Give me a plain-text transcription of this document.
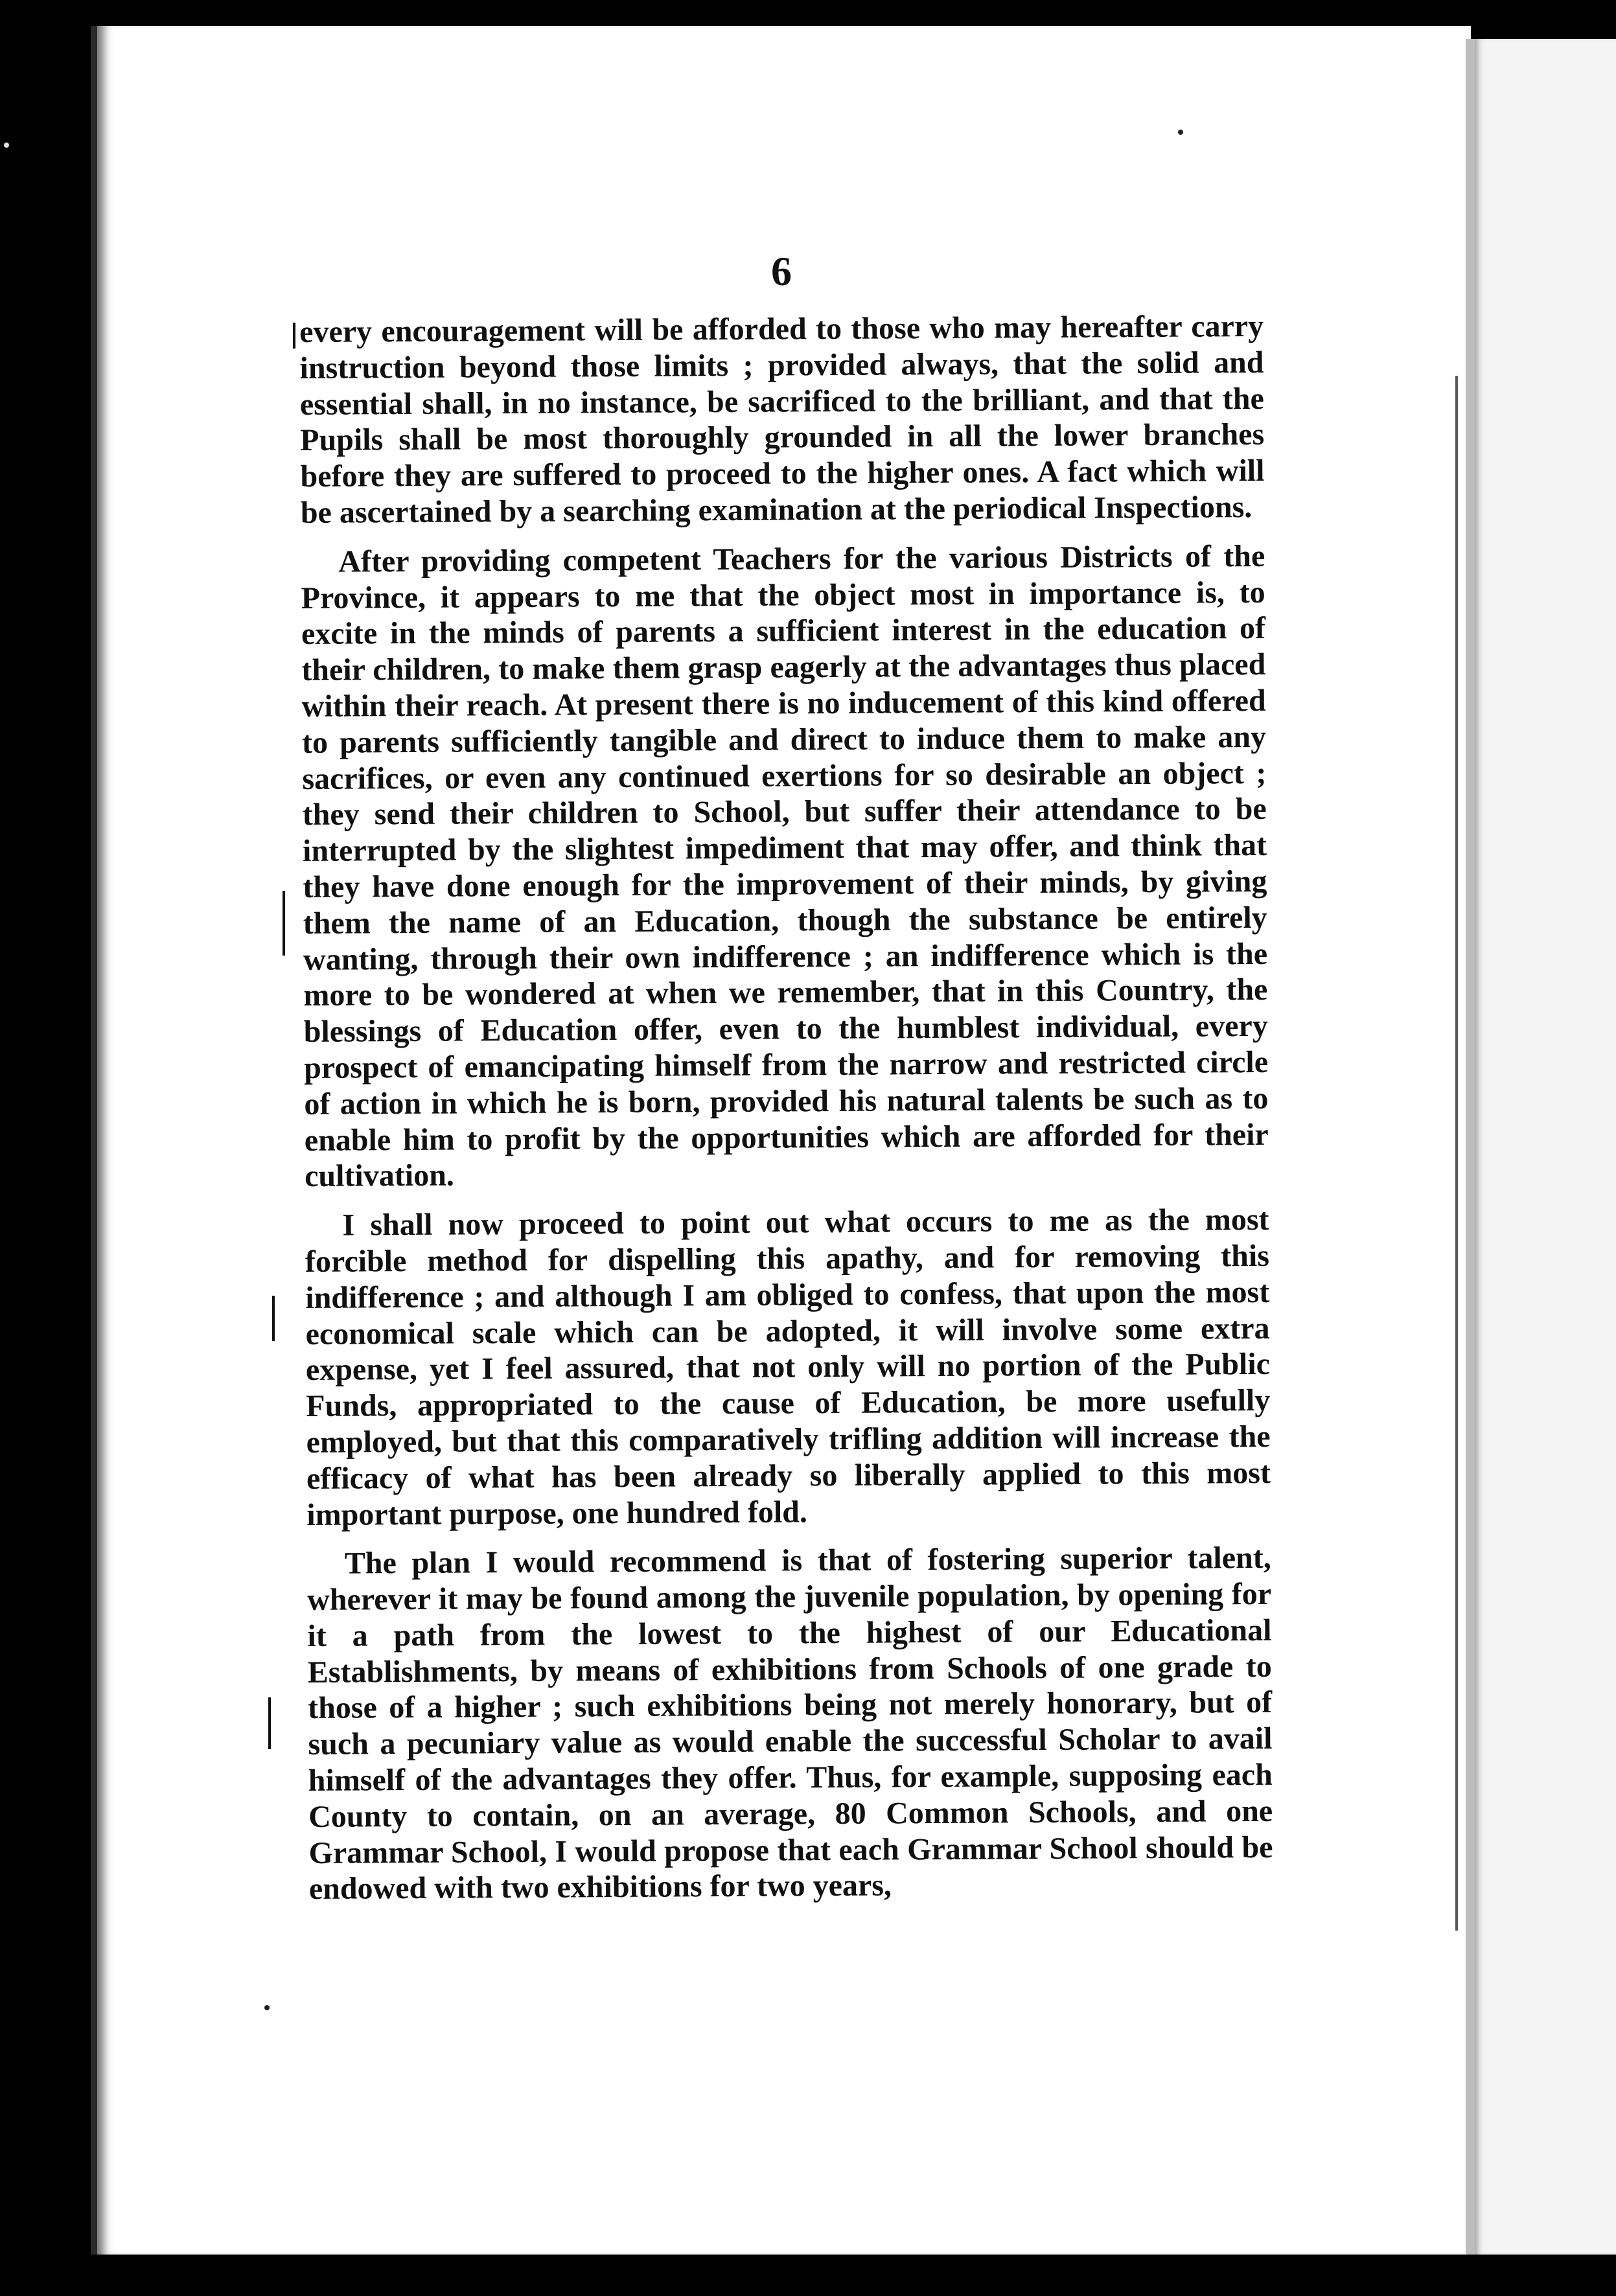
6

every encouragement will be afforded to those who may hereafter carry instruction beyond those limits ; provided always, that the solid and essential shall, in no instance, be sacrificed to the brilliant, and that the Pupils shall be most thoroughly grounded in all the lower branches before they are suffered to proceed to the higher ones. A fact which will be ascertained by a searching examination at the periodical Inspections.

After providing competent Teachers for the various Districts of the Province, it appears to me that the object most in importance is, to excite in the minds of parents a sufficient interest in the education of their children, to make them grasp eagerly at the advantages thus placed within their reach. At present there is no inducement of this kind offered to parents sufficiently tangible and direct to induce them to make any sacrifices, or even any continued exertions for so desirable an object ; they send their children to School, but suffer their attendance to be interrupted by the slightest impediment that may offer, and think that they have done enough for the improvement of their minds, by giving them the name of an Education, though the substance be entirely wanting, through their own indifference ; an indifference which is the more to be wondered at when we remember, that in this Country, the blessings of Education offer, even to the humblest individual, every prospect of emancipating himself from the narrow and restricted circle of action in which he is born, provided his natural talents be such as to enable him to profit by the opportunities which are afforded for their cultivation.

I shall now proceed to point out what occurs to me as the most forcible method for dispelling this apathy, and for removing this indifference ; and although I am obliged to confess, that upon the most economical scale which can be adopted, it will involve some extra expense, yet I feel assured, that not only will no portion of the Public Funds, appropriated to the cause of Education, be more usefully employed, but that this comparatively trifling addition will increase the efficacy of what has been already so liberally applied to this most important purpose, one hundred fold.

The plan I would recommend is that of fostering superior talent, wherever it may be found among the juvenile population, by opening for it a path from the lowest to the highest of our Educational Establishments, by means of exhibitions from Schools of one grade to those of a higher ; such exhibitions being not merely honorary, but of such a pecuniary value as would enable the successful Scholar to avail himself of the advantages they offer. Thus, for example, supposing each County to contain, on an average, 80 Common Schools, and one Grammar School, I would propose that each Grammar School should be endowed with two exhibitions for two years,
